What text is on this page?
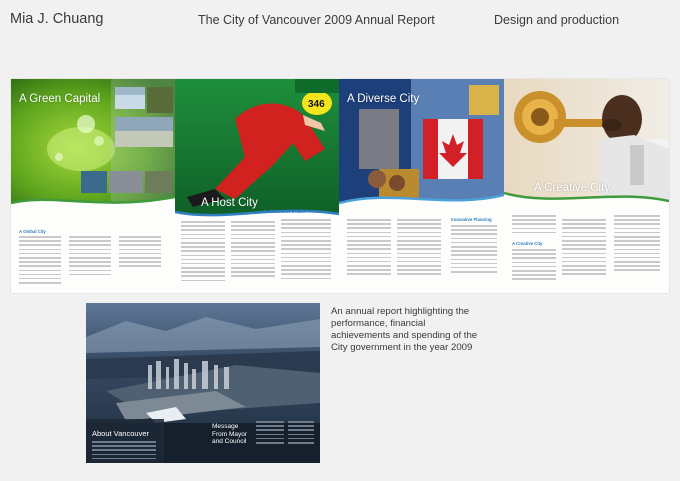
Mia J. Chuang	The City of Vancouver 2009 Annual Report	Design and production
A Green Capital
A Global City
346
A Host City
An Economic Leader
A Diverse City
Innovative Planning
A Creative City
A Creative City
About Vancouver
Message From Mayor and Council
An annual report highlighting the performance, financial achievements and spending of the City government in the year 2009
